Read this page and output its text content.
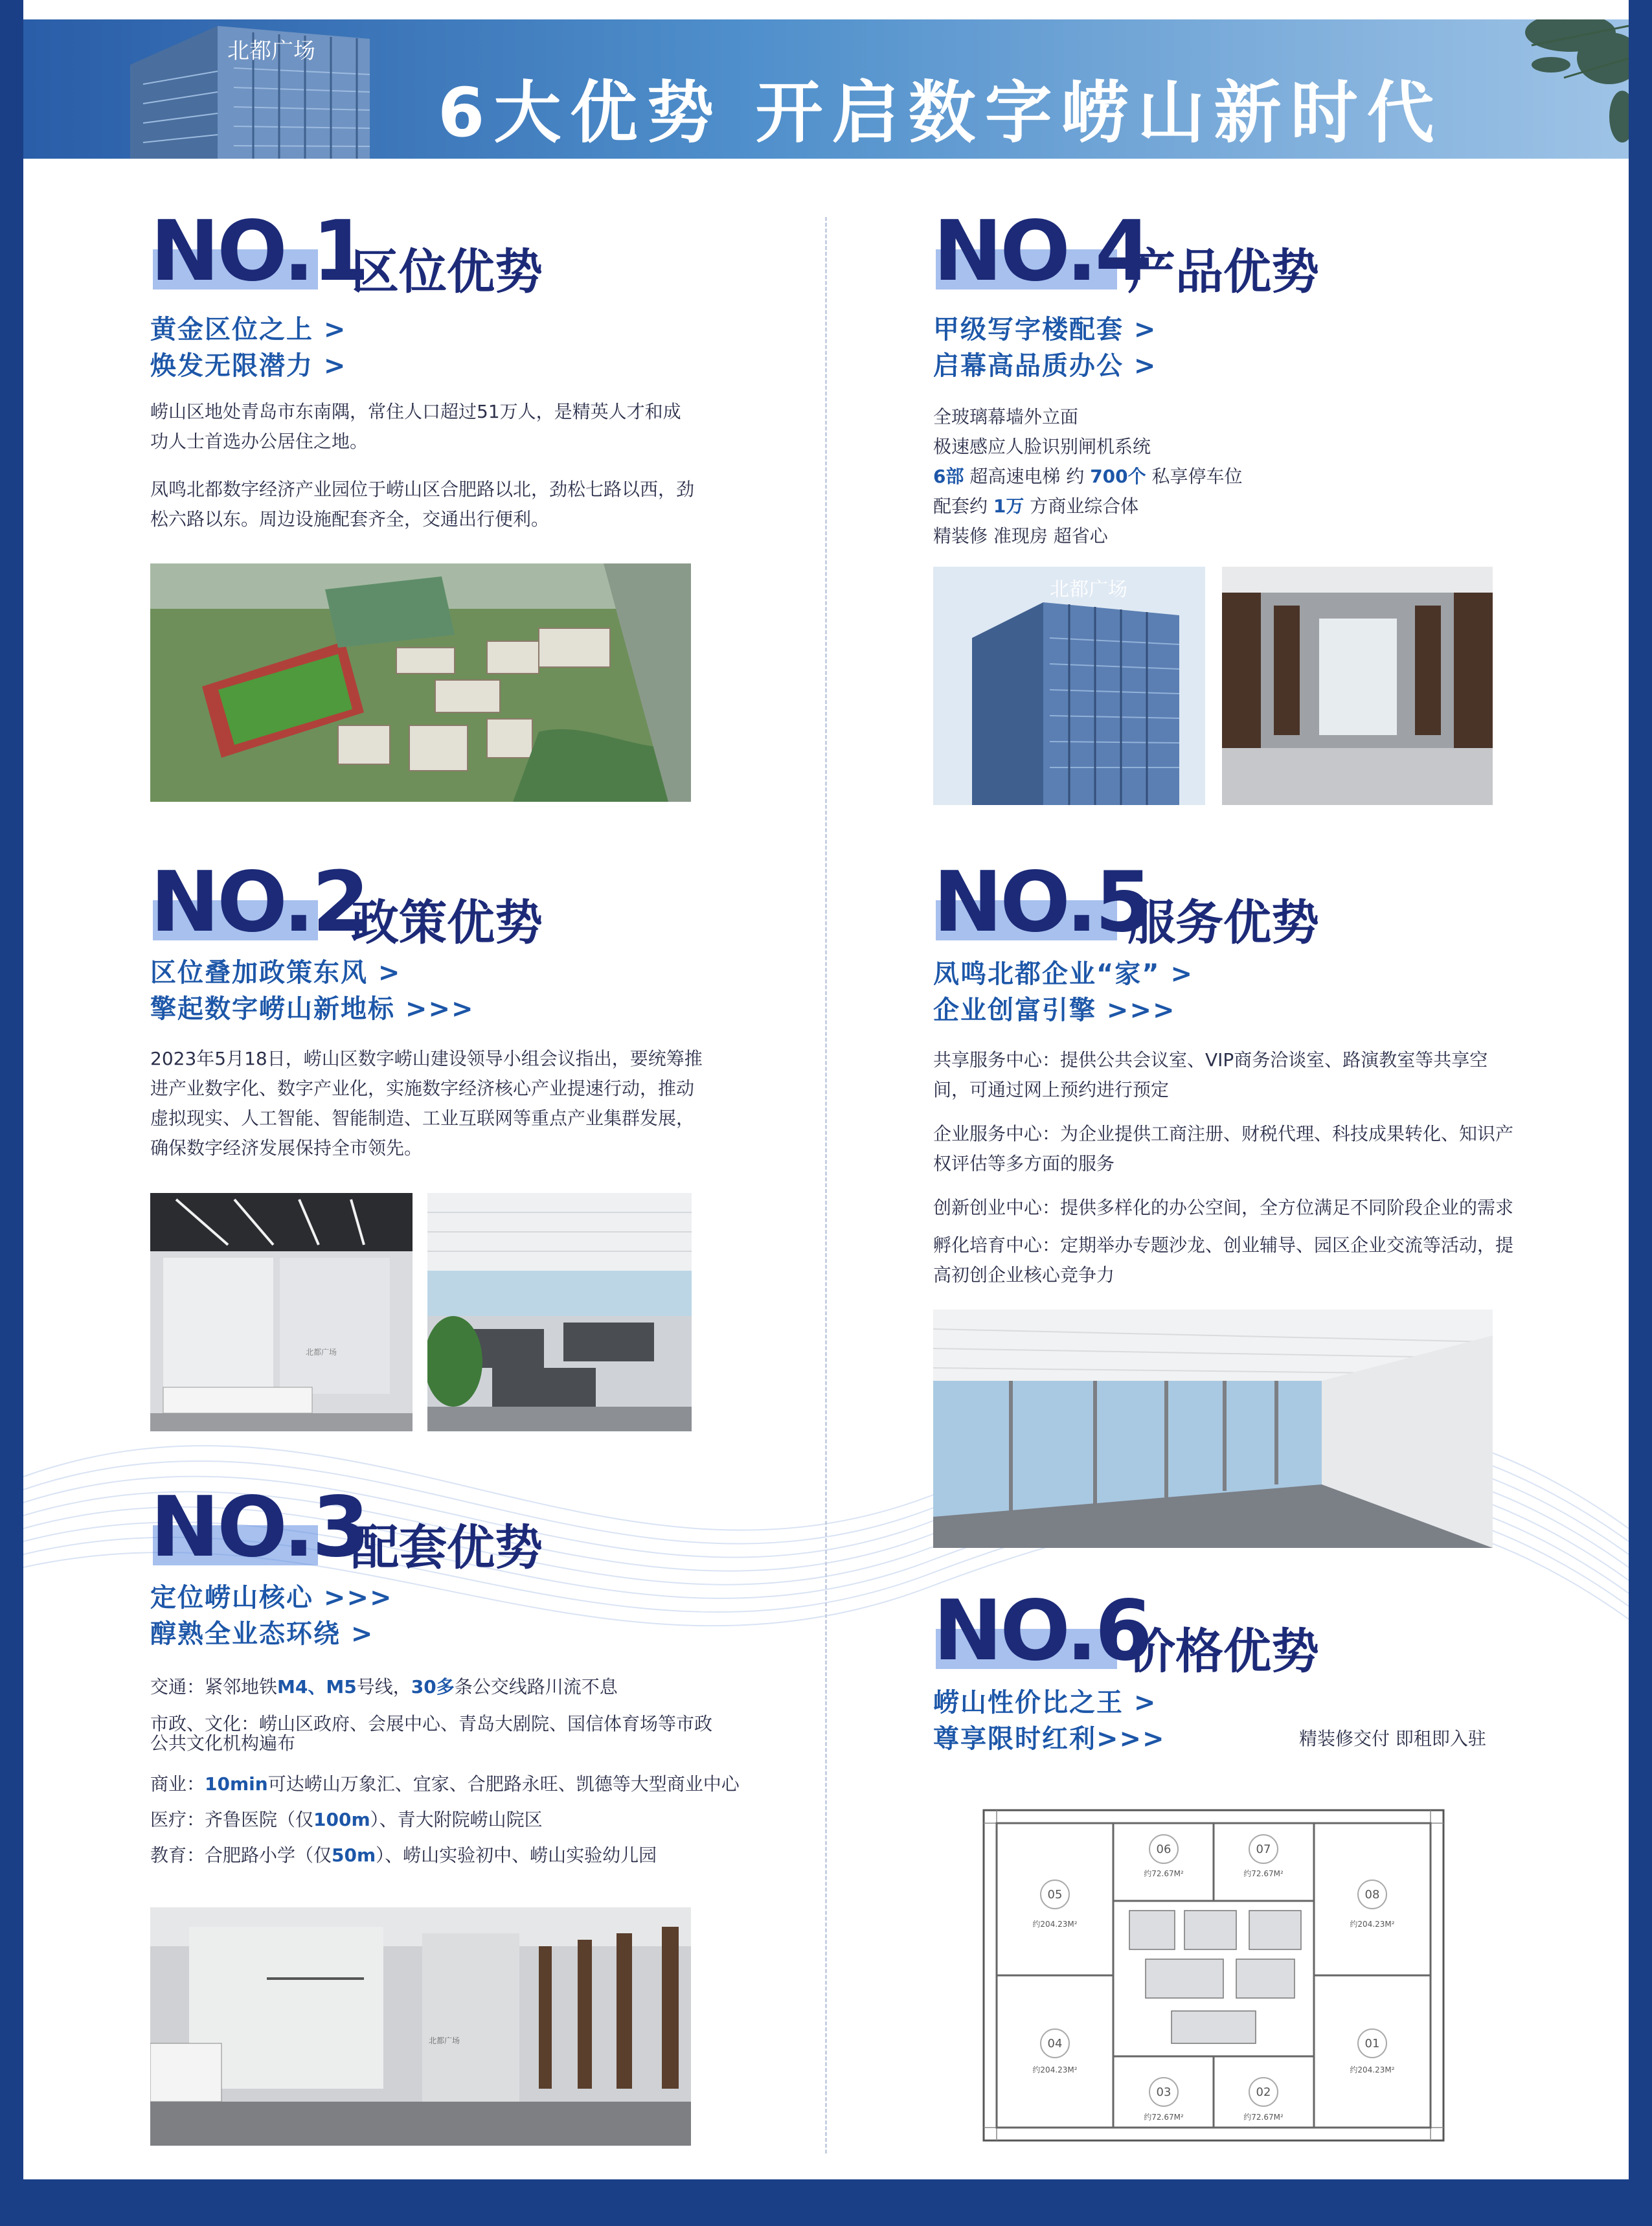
北都广场
6大优势 开启数字崂山新时代
NO.1
区位优势
黄金区位之上 >
焕发无限潜力 >
崂山区地处青岛市东南隅，常住人口超过51万人，是精英人才和成功人士首选办公居住之地。
凤鸣北都数字经济产业园位于崂山区合肥路以北，劲松七路以西，劲松六路以东。周边设施配套齐全，交通出行便利。
NO.2
政策优势
区位叠加政策东风 >
擎起数字崂山新地标 >>>
2023年5月18日，崂山区数字崂山建设领导小组会议指出，要统筹推进产业数字化、数字产业化，实施数字经济核心产业提速行动，推动虚拟现实、人工智能、智能制造、工业互联网等重点产业集群发展，确保数字经济发展保持全市领先。
北都广场
NO.3
配套优势
定位崂山核心 >>>
醇熟全业态环绕 >
交通：紧邻地铁M4、M5号线，30多条公交线路川流不息
市政、文化：崂山区政府、会展中心、青岛大剧院、国信体育场等市政公共文化机构遍布
商业：10min可达崂山万象汇、宜家、合肥路永旺、凯德等大型商业中心
医疗：齐鲁医院（仅100m）、青大附院崂山院区
教育：合肥路小学（仅50m）、崂山实验初中、崂山实验幼儿园
北都广场
NO.4
产品优势
甲级写字楼配套 >
启幕高品质办公 >
全玻璃幕墙外立面
极速感应人脸识别闸机系统
6部 超高速电梯 约 700个 私享停车位
配套约 1万 方商业综合体
精装修 准现房 超省心
北都广场
NO.5
服务优势
凤鸣北都企业“家” >
企业创富引擎 >>>
共享服务中心：提供公共会议室、VIP商务洽谈室、路演教室等共享空间，可通过网上预约进行预定
企业服务中心：为企业提供工商注册、财税代理、科技成果转化、知识产权评估等多方面的服务
创新创业中心：提供多样化的办公空间，全方位满足不同阶段企业的需求
孵化培育中心：定期举办专题沙龙、创业辅导、园区企业交流等活动，提高初创企业核心竞争力
NO.6
价格优势
崂山性价比之王 >
尊享限时红利>>>	精装修交付 即租即入驻
05
06	07
08
04
03	02
01
约204.23M²
约72.67M²	约72.67M²
约204.23M²
约204.23M²
约72.67M²	约72.67M²
约204.23M²
